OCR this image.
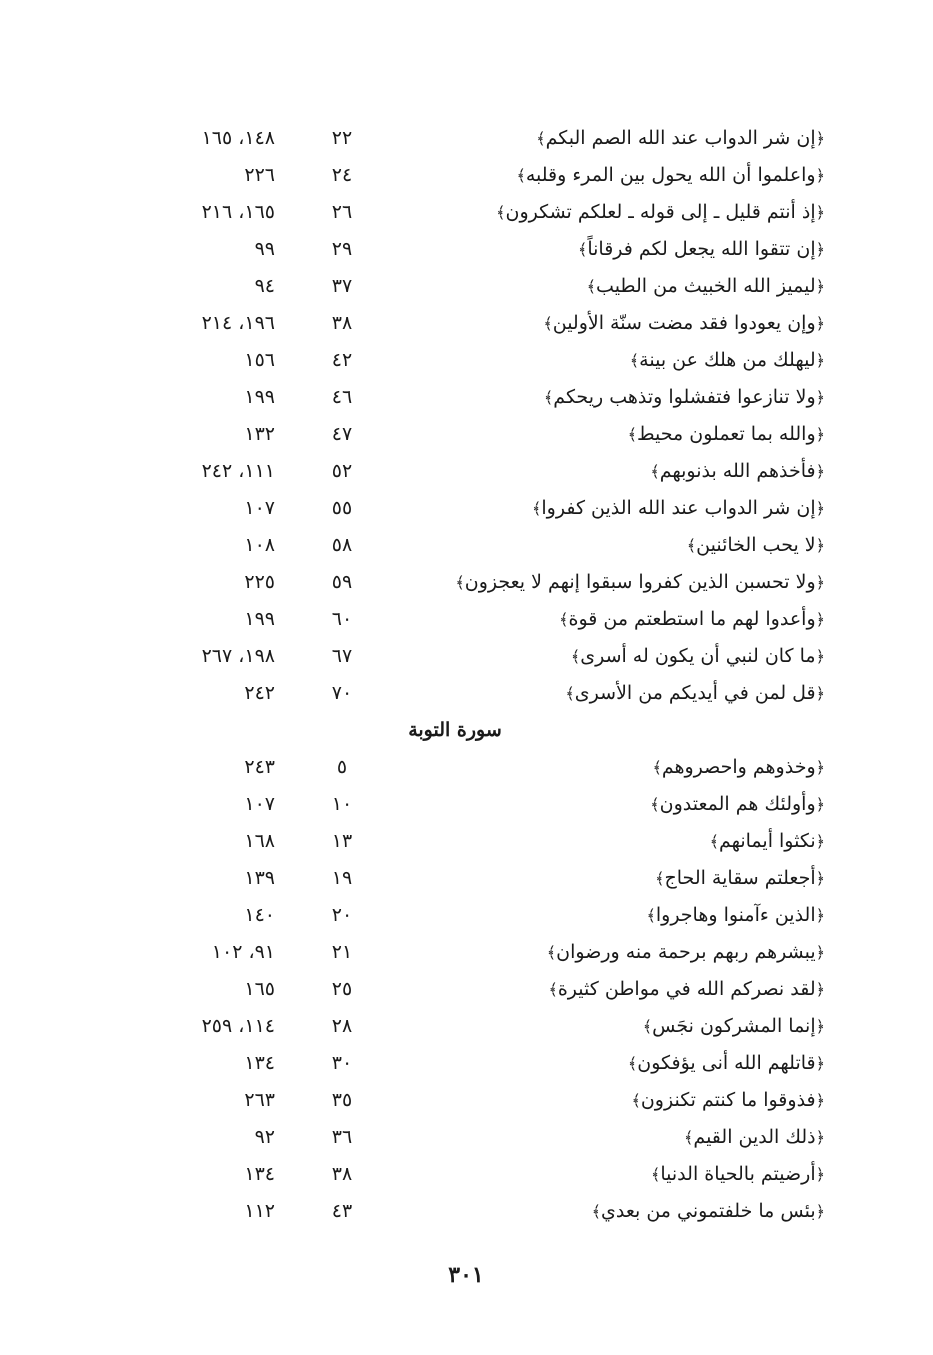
﴿إن شر الدواب عند الله الصم البكم﴾
٢٢
١٤٨، ١٦٥
﴿واعلموا أن الله يحول بين المرء وقلبه﴾
٢٤
٢٢٦
﴿إذ أنتم قليل ـ إلى قوله ـ لعلكم تشكرون﴾
٢٦
١٦٥، ٢١٦
﴿إن تتقوا الله يجعل لكم فرقاناً﴾
٢٩
٩٩
﴿ليميز الله الخبيث من الطيب﴾
٣٧
٩٤
﴿وإن يعودوا فقد مضت سنّة الأولين﴾
٣٨
١٩٦، ٢١٤
﴿ليهلك من هلك عن بينة﴾
٤٢
١٥٦
﴿ولا تنازعوا فتفشلوا وتذهب ريحكم﴾
٤٦
١٩٩
﴿والله بما تعملون محيط﴾
٤٧
١٣٢
﴿فأخذهم الله بذنوبهم﴾
٥٢
١١١، ٢٤٢
﴿إن شر الدواب عند الله الذين كفروا﴾
٥٥
١٠٧
﴿لا يحب الخائنين﴾
٥٨
١٠٨
﴿ولا تحسبن الذين كفروا سبقوا إنهم لا يعجزون﴾
٥٩
٢٢٥
﴿وأعدوا لهم ما استطعتم من قوة﴾
٦٠
١٩٩
﴿ما كان لنبي أن يكون له أسرى﴾
٦٧
١٩٨، ٢٦٧
﴿قل لمن في أيديكم من الأسرى﴾
٧٠
٢٤٢
سورة التوبة
﴿وخذوهم واحصروهم﴾
٥
٢٤٣
﴿وأولئك هم المعتدون﴾
١٠
١٠٧
﴿نكثوا أيمانهم﴾
١٣
١٦٨
﴿أجعلتم سقاية الحاج﴾
١٩
١٣٩
﴿الذين ءآمنوا وهاجروا﴾
٢٠
١٤٠
﴿يبشرهم ربهم برحمة منه ورضوان﴾
٢١
٩١، ١٠٢
﴿لقد نصركم الله في مواطن كثيرة﴾
٢٥
١٦٥
﴿إنما المشركون نجَس﴾
٢٨
١١٤، ٢٥٩
﴿قاتلهم الله أنى يؤفكون﴾
٣٠
١٣٤
﴿فذوقوا ما كنتم تكنزون﴾
٣٥
٢٦٣
﴿ذلك الدين القيم﴾
٣٦
٩٢
﴿أرضيتم بالحياة الدنيا﴾
٣٨
١٣٤
﴿بئس ما خلفتموني من بعدي﴾
٤٣
١١٢
٣٠١
